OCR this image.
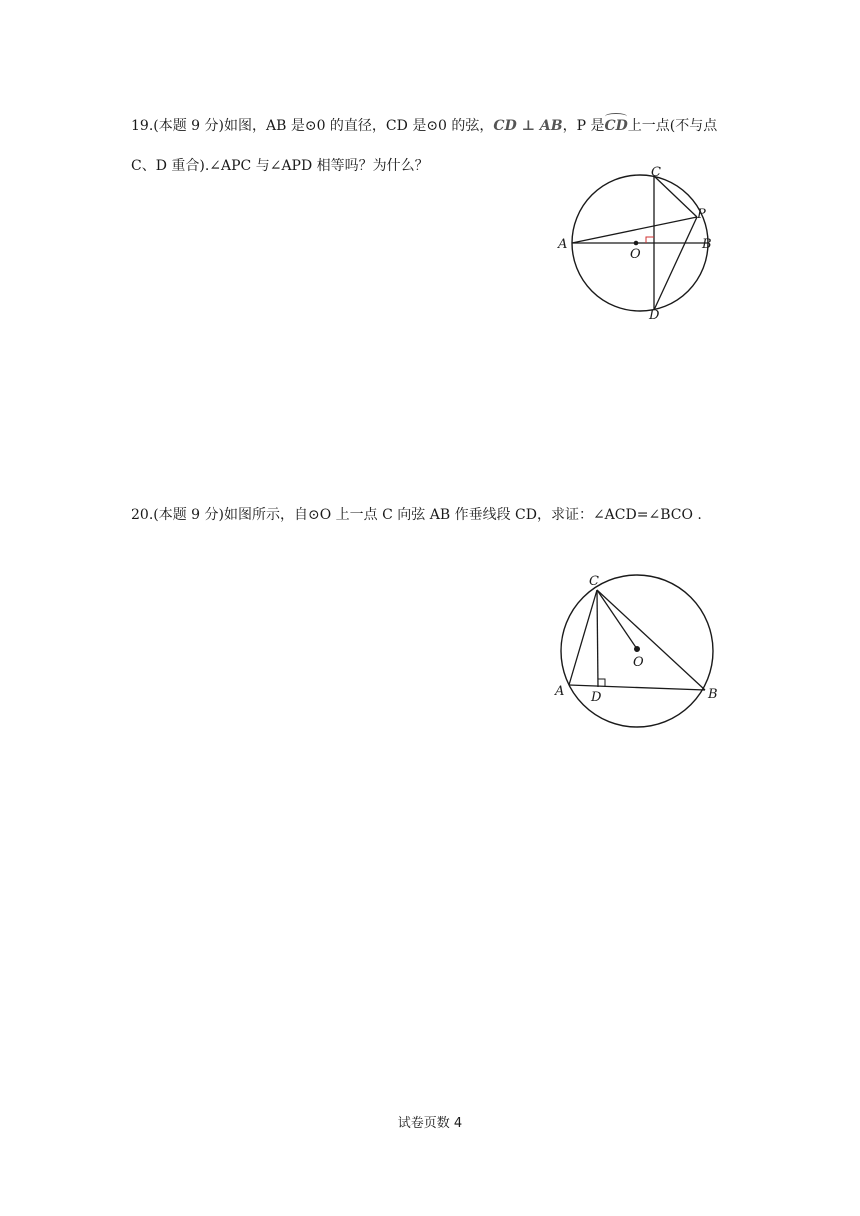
19.(本题 9 分)如图，AB 是⊙0 的直径，CD 是⊙0 的弦，CD ⊥ AB，P 是CD上一点(不与点
C、D 重合).∠APC 与∠APD 相等吗？为什么？
A	B
C
D
O
P
20.(本题 9 分)如图所示，自⊙O 上一点 C 向弦 AB 作垂线段 CD，求证：∠ACD=∠BCO .
A	B
C
D
O
试卷页数 4
